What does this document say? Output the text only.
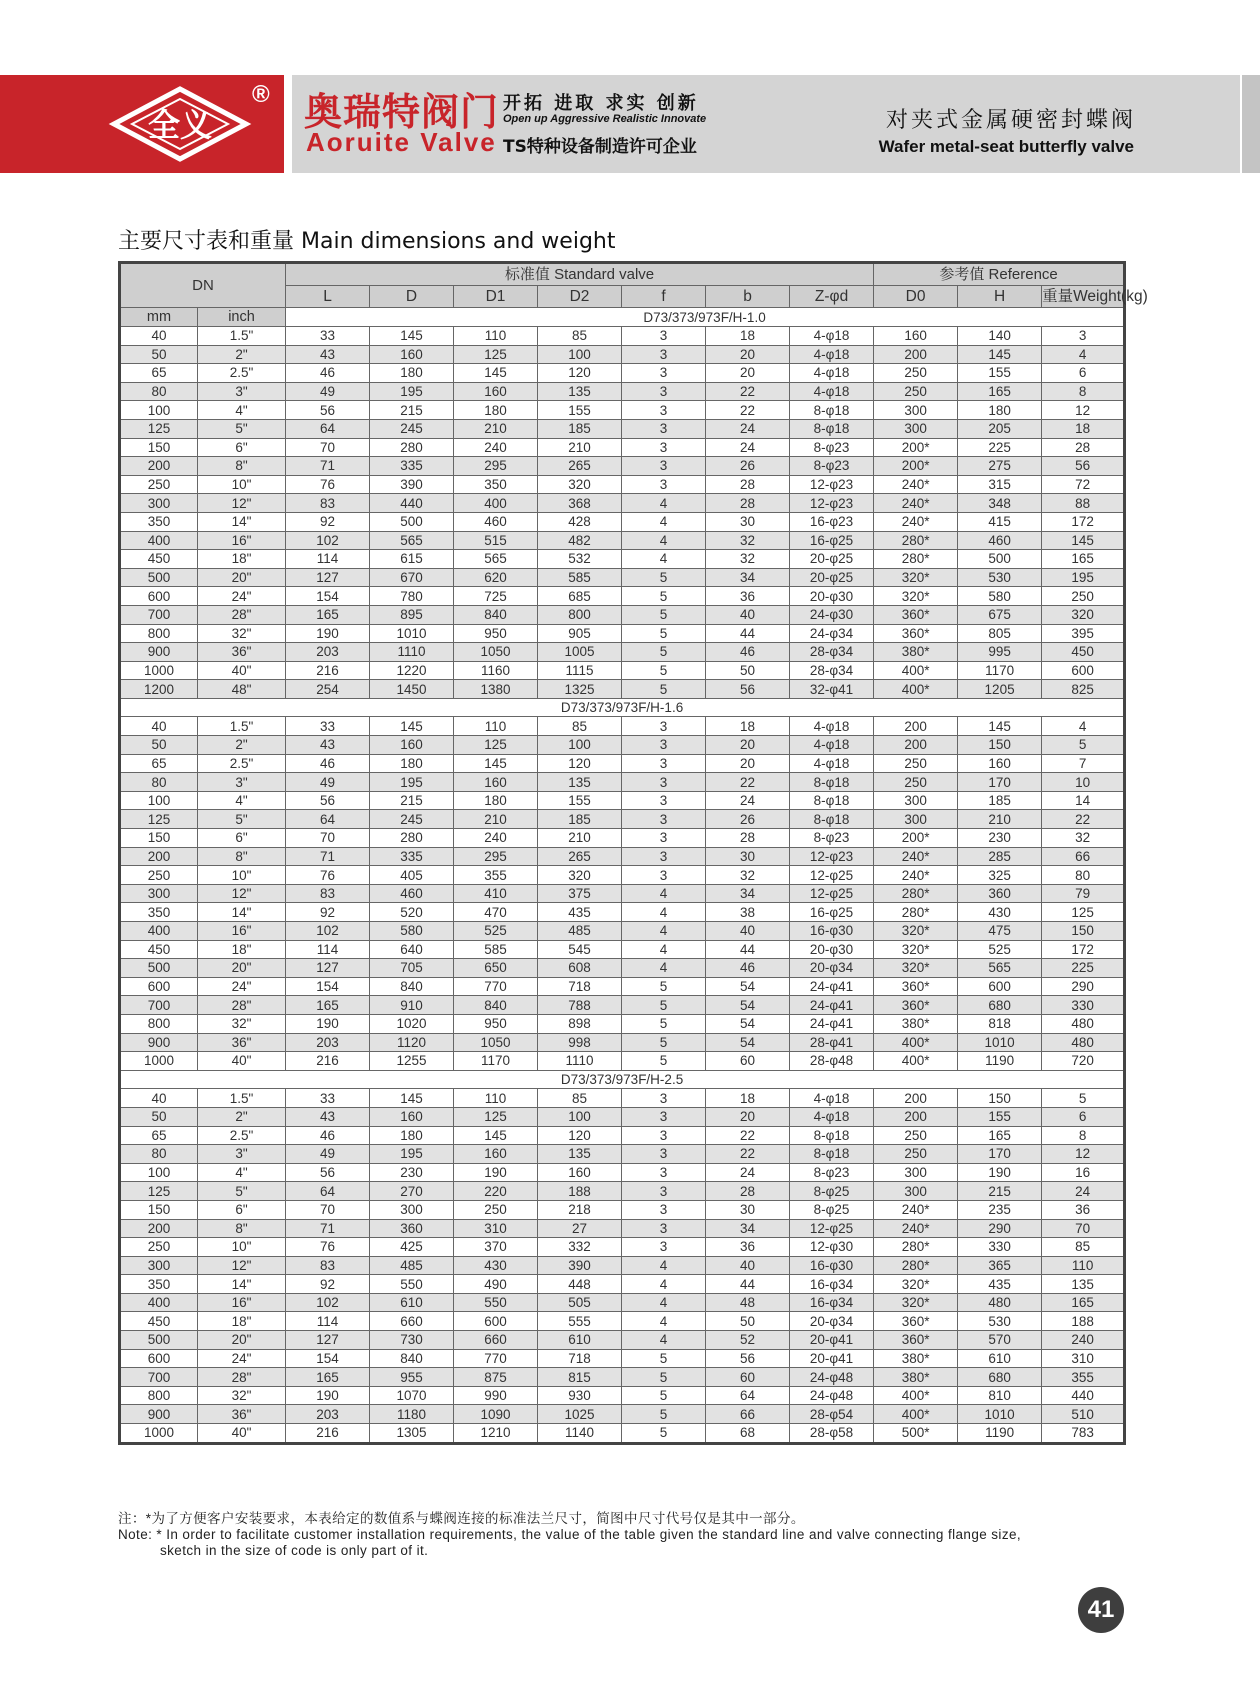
全义
® 奥瑞特阀门
Aoruite Valve
开拓 进取 求实 创新
Open up Aggressive Realistic Innovate
TS特种设备制造许可企业
对夹式金属硬密封蝶阀
Wafer metal-seat butterfly valve
主要尺寸表和重量 Main dimensions and weight
DN		标准值 Standard valve							参考值 Reference		
		L	D	D1	D2	f	b	Z-φd	D0	H	重量Weight(kg)
mm	inch	D73/373/973F/H-1.0									
40	1.5"	33	145	110	85	3	18	4-φ18	160	140	3
50	2"	43	160	125	100	3	20	4-φ18	200	145	4
65	2.5"	46	180	145	120	3	20	4-φ18	250	155	6
80	3"	49	195	160	135	3	22	4-φ18	250	165	8
100	4"	56	215	180	155	3	22	8-φ18	300	180	12
125	5"	64	245	210	185	3	24	8-φ18	300	205	18
150	6"	70	280	240	210	3	24	8-φ23	200*	225	28
200	8"	71	335	295	265	3	26	8-φ23	200*	275	56
250	10"	76	390	350	320	3	28	12-φ23	240*	315	72
300	12"	83	440	400	368	4	28	12-φ23	240*	348	88
350	14"	92	500	460	428	4	30	16-φ23	240*	415	172
400	16"	102	565	515	482	4	32	16-φ25	280*	460	145
450	18"	114	615	565	532	4	32	20-φ25	280*	500	165
500	20"	127	670	620	585	5	34	20-φ25	320*	530	195
600	24"	154	780	725	685	5	36	20-φ30	320*	580	250
700	28"	165	895	840	800	5	40	24-φ30	360*	675	320
800	32"	190	1010	950	905	5	44	24-φ34	360*	805	395
900	36"	203	1110	1050	1005	5	46	28-φ34	380*	995	450
1000	40"	216	1220	1160	1115	5	50	28-φ34	400*	1170	600
1200	48"	254	1450	1380	1325	5	56	32-φ41	400*	1205	825
D73/373/973F/H-1.6											
40	1.5"	33	145	110	85	3	18	4-φ18	200	145	4
50	2"	43	160	125	100	3	20	4-φ18	200	150	5
65	2.5"	46	180	145	120	3	20	4-φ18	250	160	7
80	3"	49	195	160	135	3	22	8-φ18	250	170	10
100	4"	56	215	180	155	3	24	8-φ18	300	185	14
125	5"	64	245	210	185	3	26	8-φ18	300	210	22
150	6"	70	280	240	210	3	28	8-φ23	200*	230	32
200	8"	71	335	295	265	3	30	12-φ23	240*	285	66
250	10"	76	405	355	320	3	32	12-φ25	240*	325	80
300	12"	83	460	410	375	4	34	12-φ25	280*	360	79
350	14"	92	520	470	435	4	38	16-φ25	280*	430	125
400	16"	102	580	525	485	4	40	16-φ30	320*	475	150
450	18"	114	640	585	545	4	44	20-φ30	320*	525	172
500	20"	127	705	650	608	4	46	20-φ34	320*	565	225
600	24"	154	840	770	718	5	54	24-φ41	360*	600	290
700	28"	165	910	840	788	5	54	24-φ41	360*	680	330
800	32"	190	1020	950	898	5	54	24-φ41	380*	818	480
900	36"	203	1120	1050	998	5	54	28-φ41	400*	1010	480
1000	40"	216	1255	1170	1110	5	60	28-φ48	400*	1190	720
D73/373/973F/H-2.5											
40	1.5"	33	145	110	85	3	18	4-φ18	200	150	5
50	2"	43	160	125	100	3	20	4-φ18	200	155	6
65	2.5"	46	180	145	120	3	22	8-φ18	250	165	8
80	3"	49	195	160	135	3	22	8-φ18	250	170	12
100	4"	56	230	190	160	3	24	8-φ23	300	190	16
125	5"	64	270	220	188	3	28	8-φ25	300	215	24
150	6"	70	300	250	218	3	30	8-φ25	240*	235	36
200	8"	71	360	310	27	3	34	12-φ25	240*	290	70
250	10"	76	425	370	332	3	36	12-φ30	280*	330	85
300	12"	83	485	430	390	4	40	16-φ30	280*	365	110
350	14"	92	550	490	448	4	44	16-φ34	320*	435	135
400	16"	102	610	550	505	4	48	16-φ34	320*	480	165
450	18"	114	660	600	555	4	50	20-φ34	360*	530	188
500	20"	127	730	660	610	4	52	20-φ41	360*	570	240
600	24"	154	840	770	718	5	56	20-φ41	380*	610	310
700	28"	165	955	875	815	5	60	24-φ48	380*	680	355
800	32"	190	1070	990	930	5	64	24-φ48	400*	810	440
900	36"	203	1180	1090	1025	5	66	28-φ54	400*	1010	510
1000	40"	216	1305	1210	1140	5	68	28-φ58	500*	1190	783
注：*为了方便客户安装要求，本表给定的数值系与蝶阀连接的标准法兰尺寸，简图中尺寸代号仅是其中一部分。
Note: * In order to facilitate customer installation requirements, the value of the table given the standard line and valve connecting flange size,
sketch in the size of code is only part of it.
41
